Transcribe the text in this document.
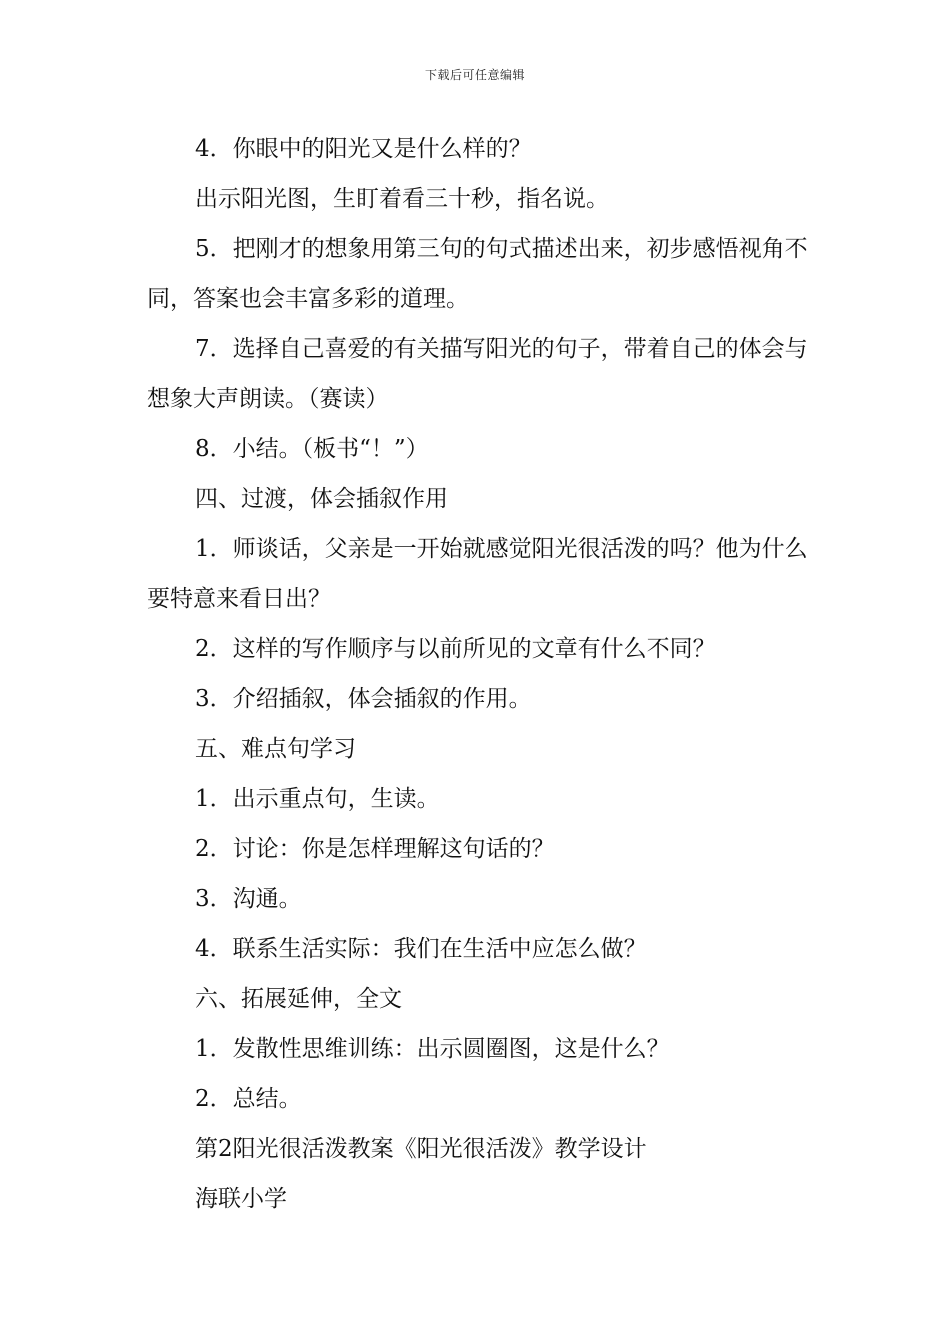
下载后可任意编辑

4．你眼中的阳光又是什么样的？

出示阳光图，生盯着看三十秒，指名说。

5．把刚才的想象用第三句的句式描述出来，初步感悟视角不同，答案也会丰富多彩的道理。

7．选择自己喜爱的有关描写阳光的句子，带着自己的体会与想象大声朗读。（赛读）

8．小结。（板书“！”）

四、过渡，体会插叙作用

1．师谈话，父亲是一开始就感觉阳光很活泼的吗？他为什么要特意来看日出？

2．这样的写作顺序与以前所见的文章有什么不同？

3．介绍插叙，体会插叙的作用。

五、难点句学习

1．出示重点句，生读。

2．讨论：你是怎样理解这句话的？

3．沟通。

4．联系生活实际：我们在生活中应怎么做？

六、拓展延伸，全文

1．发散性思维训练：出示圆圈图，这是什么？

2．总结。

第2阳光很活泼教案《阳光很活泼》教学设计

海联小学
